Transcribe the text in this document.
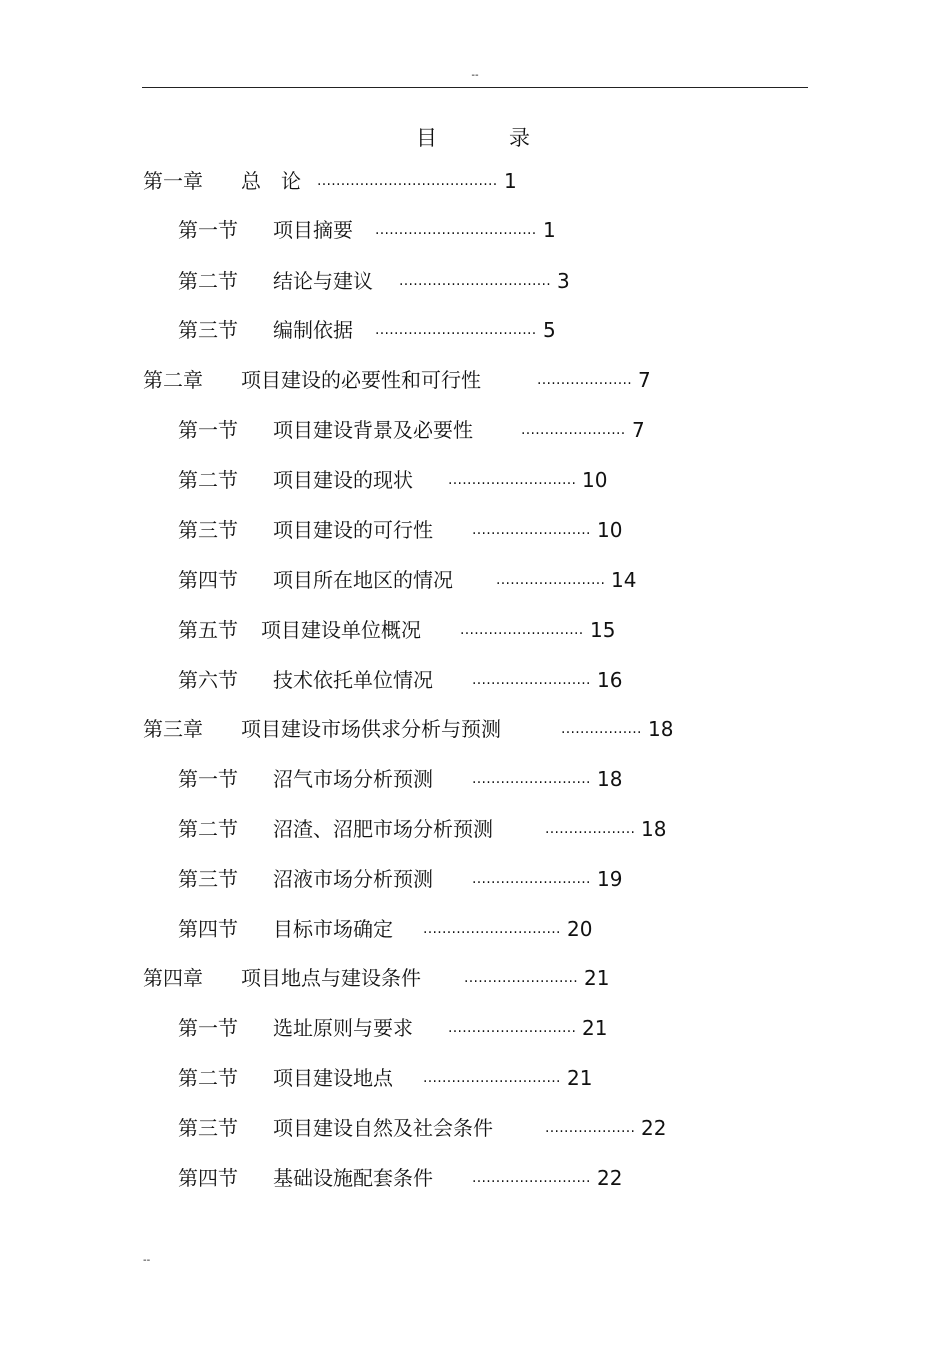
--
目录
第一章 总　论 ...................................... 1
第一节 项目摘要 .................................. 1
第二节 结论与建议 ................................ 3
第三节 编制依据 .................................. 5
第二章 项目建设的必要性和可行性	.................... 7
第一节 项目建设背景及必要性	...................... 7
第二节 项目建设的现状	........................... 10
第三节 项目建设的可行性	......................... 10
第四节 项目所在地区的情况	....................... 14
第五节 项目建设单位概况	.......................... 15
第六节 技术依托单位情况	......................... 16
第三章 项目建设市场供求分析与预测	................. 18
第一节 沼气市场分析预测	......................... 18
第二节 沼渣、沼肥市场分析预测	................... 18
第三节 沼液市场分析预测	......................... 19
第四节 目标市场确定 ............................. 20
第四章 项目地点与建设条件	........................ 21
第一节 选址原则与要求	........................... 21
第二节 项目建设地点 ............................. 21
第三节 项目建设自然及社会条件	................... 22
第四节 基础设施配套条件	......................... 22
--
